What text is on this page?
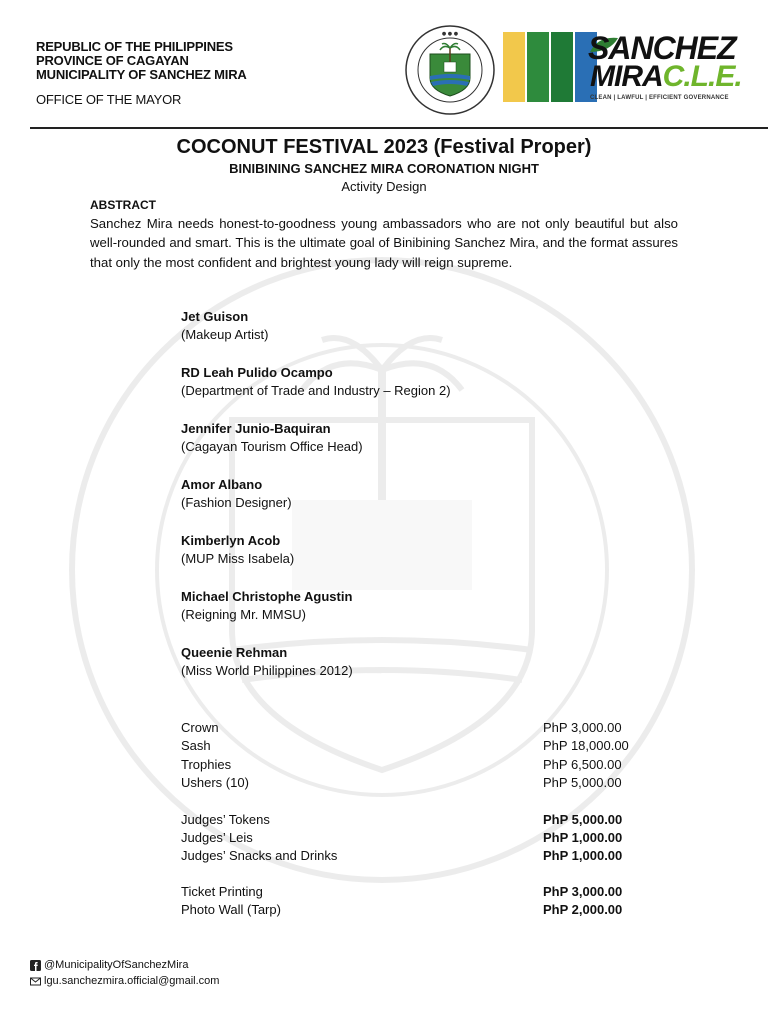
REPUBLIC OF THE PHILIPPINES
PROVINCE OF CAGAYAN
MUNICIPALITY OF SANCHEZ MIRA
OFFICE OF THE MAYOR
● ● ●	SANCHEZ
MIRAC.L.E.
CLEAN | LAWFUL | EFFICIENT GOVERNANCE
COCONUT FESTIVAL 2023 (Festival Proper)
BINIBINING SANCHEZ MIRA CORONATION NIGHT
Activity Design
ABSTRACT
Sanchez Mira needs honest-to-goodness young ambassadors who are not only beautiful but also well-rounded and smart. This is the ultimate goal of Binibining Sanchez Mira, and the format assures that only the most confident and brightest young lady will reign supreme.
Jet Guison
(Makeup Artist)
RD Leah Pulido Ocampo
(Department of Trade and Industry – Region 2)
Jennifer Junio-Baquiran
(Cagayan Tourism Office Head)
Amor Albano
(Fashion Designer)
Kimberlyn Acob
(MUP Miss Isabela)
Michael Christophe Agustin
(Reigning Mr. MMSU)
Queenie Rehman
(Miss World Philippines 2012)
Crown	PhP 3,000.00
Sash	PhP 18,000.00
Trophies	PhP 6,500.00
Ushers (10)	PhP 5,000.00
Judges’ Tokens	PhP 5,000.00
Judges’ Leis	PhP 1,000.00
Judges’ Snacks and Drinks	PhP 1,000.00
Ticket Printing	PhP 3,000.00
Photo Wall (Tarp)	PhP 2,000.00
@MunicipalityOfSanchezMira
lgu.sanchezmira.official@gmail.com
